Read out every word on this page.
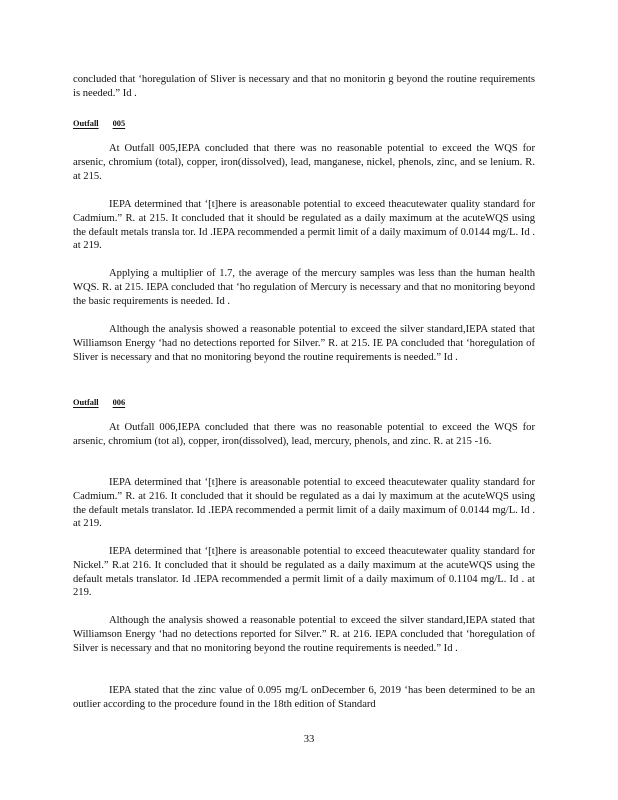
concluded that ‘horegulation of Sliver is necessary and that no monitorin g beyond the routine requirements is needed.” Id .

Outfall 005

At Outfall 005,IEPA concluded that there was no reasonable potential to exceed the WQS for arsenic, chromium (total), copper, iron(dissolved), lead, manganese, nickel, phenols, zinc, and se lenium. R. at 215.

IEPA determined that ‘[t]here is areasonable potential to exceed theacutewater quality standard for Cadmium.” R. at 215. It concluded that it should be regulated as a daily maximum at the acuteWQS using the default metals transla tor. Id .IEPA recommended a permit limit of a daily maximum of 0.0144 mg/L. Id . at 219.

Applying a multiplier of 1.7, the average of the mercury samples was less than the human health WQS. R. at 215. IEPA concluded that ‘ho regulation of Mercury is necessary and that no monitoring beyond the basic requirements is needed. Id .

Although the analysis showed a reasonable potential to exceed the silver standard,IEPA stated that Williamson Energy ‘had no detections reported for Silver.” R. at 215. IE PA concluded that ‘horegulation of Sliver is necessary and that no monitoring beyond the routine requirements is needed.” Id .

Outfall 006

At Outfall 006,IEPA concluded that there was no reasonable potential to exceed the WQS for arsenic, chromium (tot al), copper, iron(dissolved), lead, mercury, phenols, and zinc. R. at 215 -16.

IEPA determined that ‘[t]here is areasonable potential to exceed theacutewater quality standard for Cadmium.” R. at 216. It concluded that it should be regulated as a dai ly maximum at the acuteWQS using the default metals translator. Id .IEPA recommended a permit limit of a daily maximum of 0.0144 mg/L. Id . at 219.

IEPA determined that ‘[t]here is areasonable potential to exceed theacutewater quality standard for Nickel.” R.at 216. It concluded that it should be regulated as a daily maximum at the acuteWQS using the default metals translator. Id .IEPA recommended a permit limit of a daily maximum of 0.1104 mg/L. Id . at 219.

Although the analysis showed a reasonable potential to exceed the silver standard,IEPA stated that Williamson Energy ‘had no detections reported for Silver.” R. at 216. IEPA concluded that ‘horegulation of Silver is necessary and that no monitoring beyond the routine requirements is needed.” Id .

IEPA stated that the zinc value of 0.095 mg/L onDecember 6, 2019 ‘has been determined to be an outlier according to the procedure found in the 18th edition of Standard

33
